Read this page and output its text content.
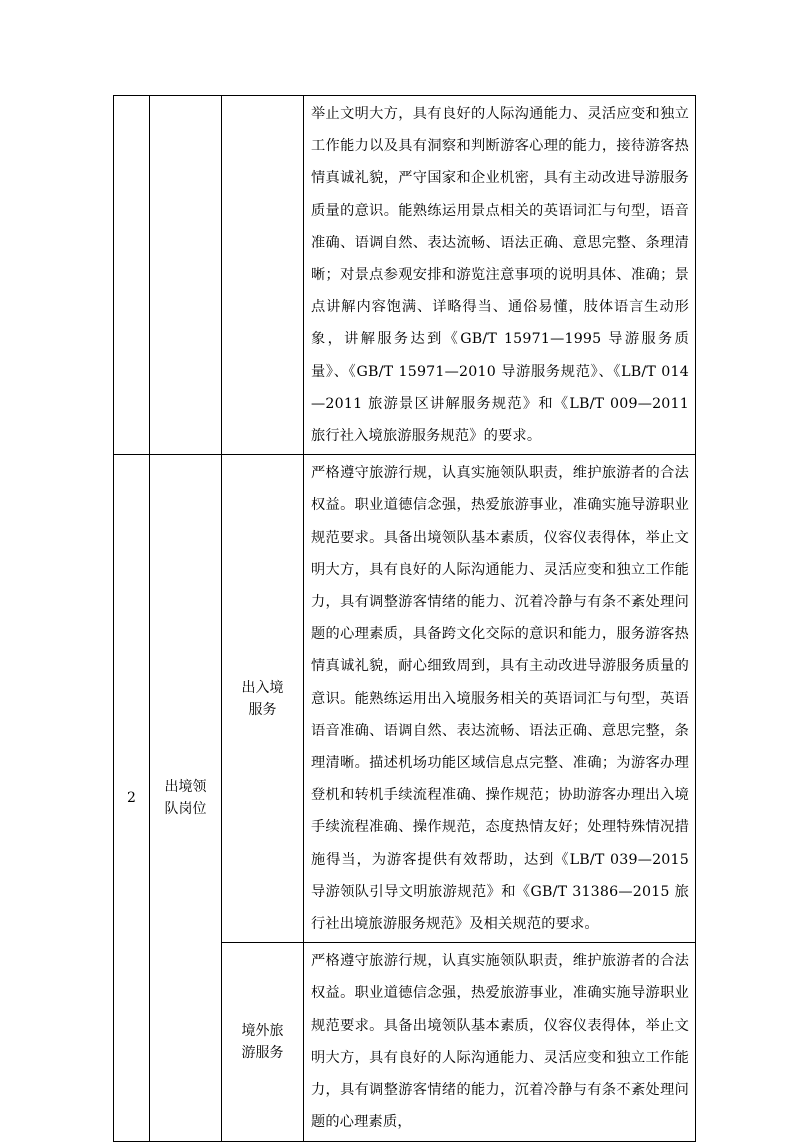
			举止文明大方，具有良好的人际沟通能力、灵活应变和独立工作能力以及具有洞察和判断游客心理的能力，接待游客热情真诚礼貌，严守国家和企业机密，具有主动改进导游服务质量的意识。能熟练运用景点相关的英语词汇与句型，语音准确、语调自然、表达流畅、语法正确、意思完整、条理清晰；对景点参观安排和游览注意事项的说明具体、准确；景点讲解内容饱满、详略得当、通俗易懂，肢体语言生动形象，讲解服务达到《GB/T 15971—1995 导游服务质量》、《GB/T 15971—2010 导游服务规范》、《LB/T 014—2011 旅游景区讲解服务规范》和《LB/T 009—2011 旅行社入境旅游服务规范》的要求。
2	出境领队岗位	出入境服务	严格遵守旅游行规，认真实施领队职责，维护旅游者的合法权益。职业道德信念强，热爱旅游事业，准确实施导游职业规范要求。具备出境领队基本素质，仪容仪表得体，举止文明大方，具有良好的人际沟通能力、灵活应变和独立工作能力，具有调整游客情绪的能力、沉着冷静与有条不紊处理问题的心理素质，具备跨文化交际的意识和能力，服务游客热情真诚礼貌，耐心细致周到，具有主动改进导游服务质量的意识。能熟练运用出入境服务相关的英语词汇与句型，英语语音准确、语调自然、表达流畅、语法正确、意思完整，条理清晰。描述机场功能区域信息点完整、准确；为游客办理登机和转机手续流程准确、操作规范；协助游客办理出入境手续流程准确、操作规范，态度热情友好；处理特殊情况措施得当，为游客提供有效帮助，达到《LB/T 039—2015 导游领队引导文明旅游规范》和《GB/T 31386—2015 旅行社出境旅游服务规范》及相关规范的要求。
		境外旅游服务	严格遵守旅游行规，认真实施领队职责，维护旅游者的合法权益。职业道德信念强，热爱旅游事业，准确实施导游职业规范要求。具备出境领队基本素质，仪容仪表得体，举止文明大方，具有良好的人际沟通能力、灵活应变和独立工作能力，具有调整游客情绪的能力，沉着冷静与有条不紊处理问题的心理素质，
